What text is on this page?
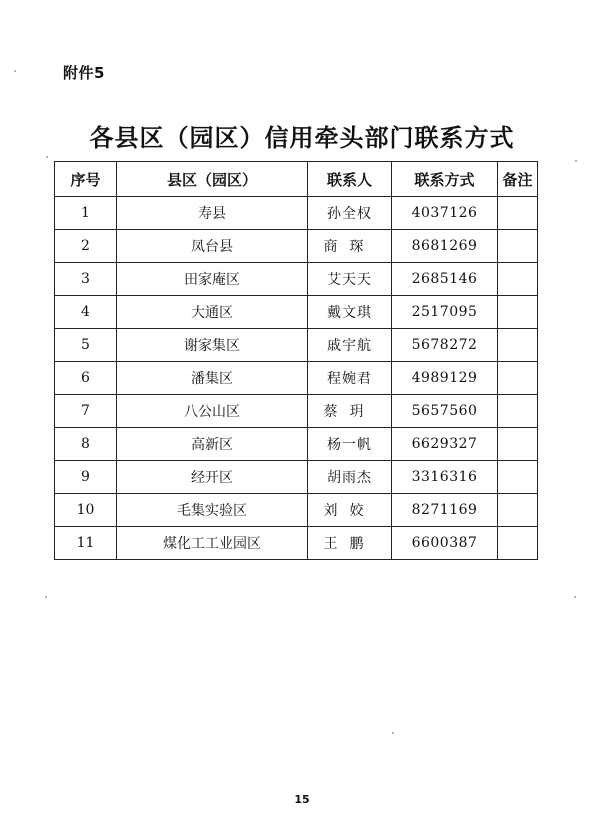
附件5
各县区（园区）信用牵头部门联系方式
序号	县区（园区）	联系人	联系方式	备注
1	寿县	孙全权	4037126	
2	凤台县	商琛	8681269	
3	田家庵区	艾天天	2685146	
4	大通区	戴文琪	2517095	
5	谢家集区	戚宇航	5678272	
6	潘集区	程婉君	4989129	
7	八公山区	蔡玥	5657560	
8	高新区	杨一帆	6629327	
9	经开区	胡雨杰	3316316	
10	毛集实验区	刘姣	8271169	
11	煤化工工业园区	王鹏	6600387	
15
